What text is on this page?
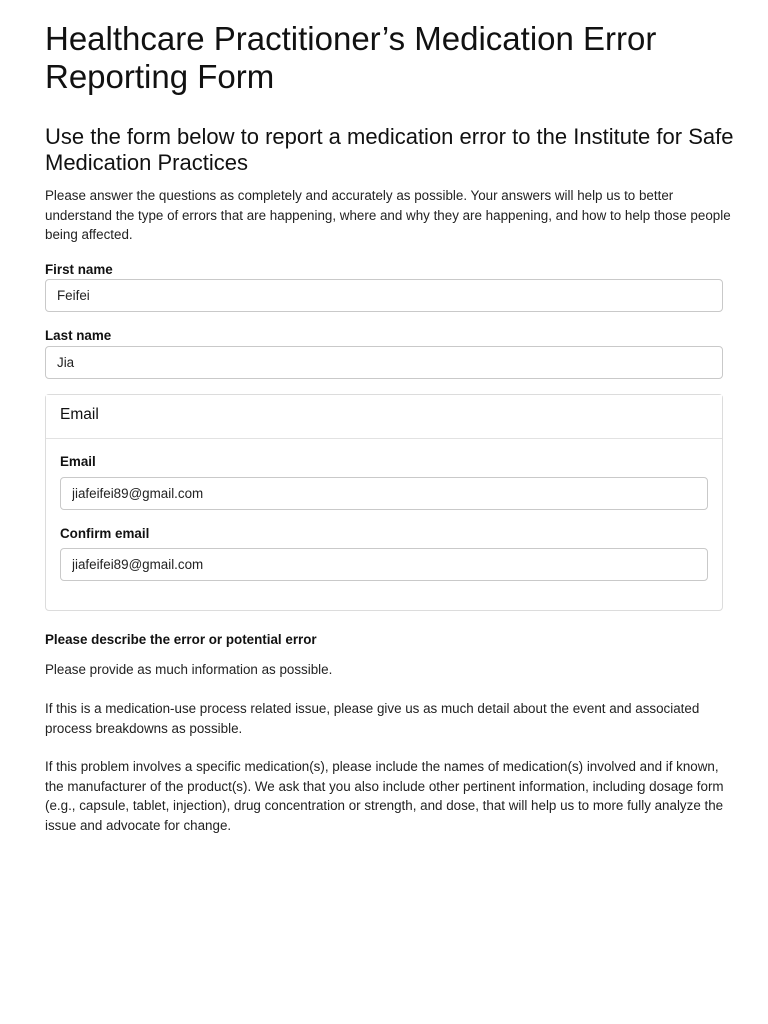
Healthcare Practitioner’s Medication Error Reporting Form
Use the form below to report a medication error to the Institute for Safe Medication Practices

Please answer the questions as completely and accurately as possible. Your answers will help us to better understand the type of errors that are happening, where and why they are happening, and how to help those people being affected.

First name
Feifei
Last name
Jia
Email
Email
jiafeifei89@gmail.com
Confirm email
jiafeifei89@gmail.com

Please describe the error or potential error

Please provide as much information as possible.

If this is a medication-use process related issue, please give us as much detail about the event and associated process breakdowns as possible.

If this problem involves a specific medication(s), please include the names of medication(s) involved and if known, the manufacturer of the product(s). We ask that you also include other pertinent information, including dosage form (e.g., capsule, tablet, injection), drug concentration or strength, and dose, that will help us to more fully analyze the issue and advocate for change.
